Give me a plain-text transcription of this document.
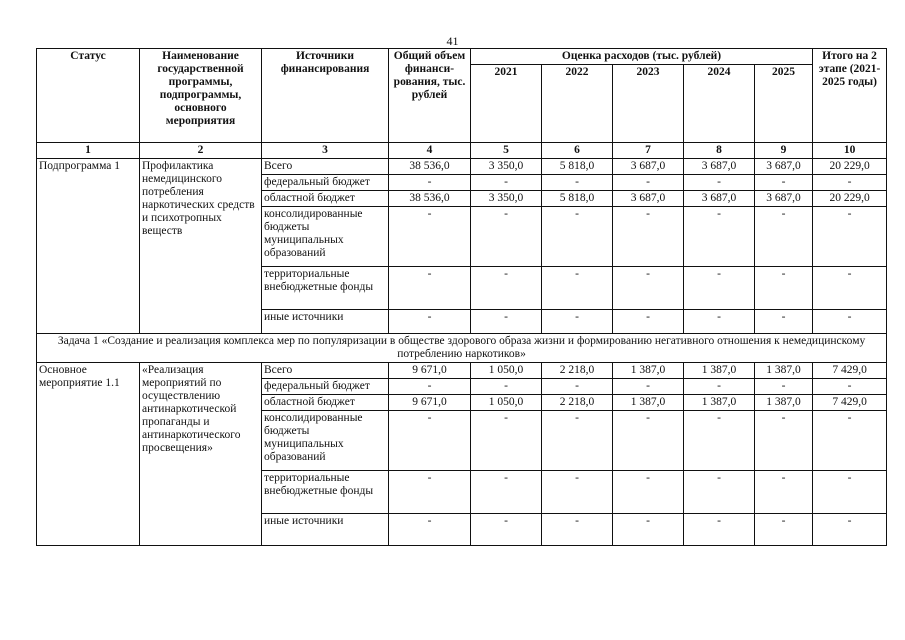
41
Статус	Наименование государственной программы, подпрограммы, основного мероприятия	Источники финансирования	Общий объем финанси-рования, тыс. рублей	Оценка расходов (тыс. рублей)					Итого на 2 этапе (2021-2025 годы)
				2021	2022	2023	2024	2025	
1	2	3	4	5	6	7	8	9	10
Подпрограмма 1	Профилактика немедицинского потребления наркотических средств и психотропных веществ	Всего	38 536,0	3 350,0	5 818,0	3 687,0	3 687,0	3 687,0	20 229,0
		федеральный бюджет	-	-	-	-	-	-	-
		областной бюджет	38 536,0	3 350,0	5 818,0	3 687,0	3 687,0	3 687,0	20 229,0
		консолидированные бюджеты муниципальных образований	-	-	-	-	-	-	-
		территориальные внебюджетные фонды	-	-	-	-	-	-	-
		иные источники	-	-	-	-	-	-	-
Задача 1 «Создание и реализация комплекса мер по популяризации в обществе здорового образа жизни и формированию негативного отношения к немедицинскому потреблению наркотиков»									
Основное мероприятие 1.1	«Реализация мероприятий по осуществлению антинаркотической пропаганды и антинаркотического просвещения»	Всего	9 671,0	1 050,0	2 218,0	1 387,0	1 387,0	1 387,0	7 429,0
		федеральный бюджет	-	-	-	-	-	-	-
		областной бюджет	9 671,0	1 050,0	2 218,0	1 387,0	1 387,0	1 387,0	7 429,0
		консолидированные бюджеты муниципальных образований	-	-	-	-	-	-	-
		территориальные внебюджетные фонды	-	-	-	-	-	-	-
		иные источники	-	-	-	-	-	-	-
